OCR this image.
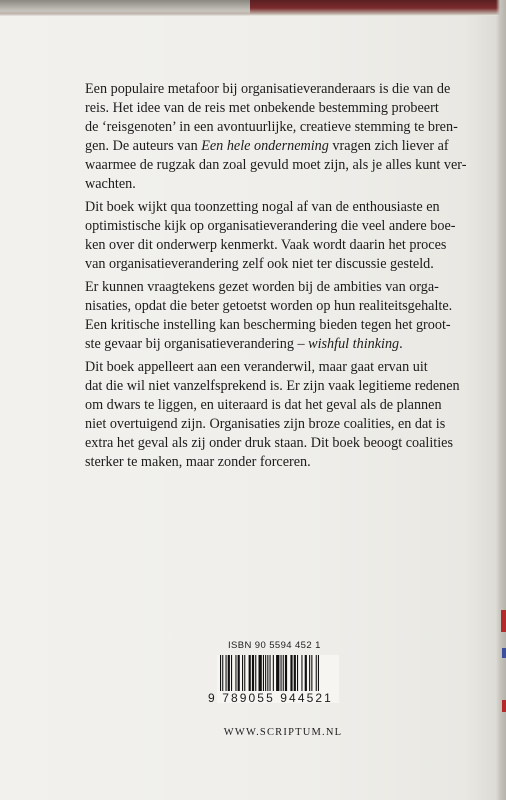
Een populaire metafoor bij organisatieveranderaars is die van de
reis. Het idee van de reis met onbekende bestemming probeert
de ‘reisgenoten’ in een avontuurlijke, creatieve stemming te bren-
gen. De auteurs van Een hele onderneming vragen zich liever af
waarmee de rugzak dan zoal gevuld moet zijn, als je alles kunt ver-
wachten.

Dit boek wijkt qua toonzetting nogal af van de enthousiaste en
optimistische kijk op organisatieverandering die veel andere boe-
ken over dit onderwerp kenmerkt. Vaak wordt daarin het proces
van organisatieverandering zelf ook niet ter discussie gesteld.

Er kunnen vraagtekens gezet worden bij de ambities van orga-
nisaties, opdat die beter getoetst worden op hun realiteitsgehalte.
Een kritische instelling kan bescherming bieden tegen het groot-
ste gevaar bij organisatieverandering – wishful thinking.

Dit boek appelleert aan een veranderwil, maar gaat ervan uit
dat die wil niet vanzelfsprekend is. Er zijn vaak legitieme redenen
om dwars te liggen, en uiteraard is dat het geval als de plannen
niet overtuigend zijn. Organisaties zijn broze coalities, en dat is
extra het geval als zij onder druk staan. Dit boek beoogt coalities
sterker te maken, maar zonder forceren.

ISBN 90 5594 452 1
9 789055 944521
WWW.SCRIPTUM.NL
